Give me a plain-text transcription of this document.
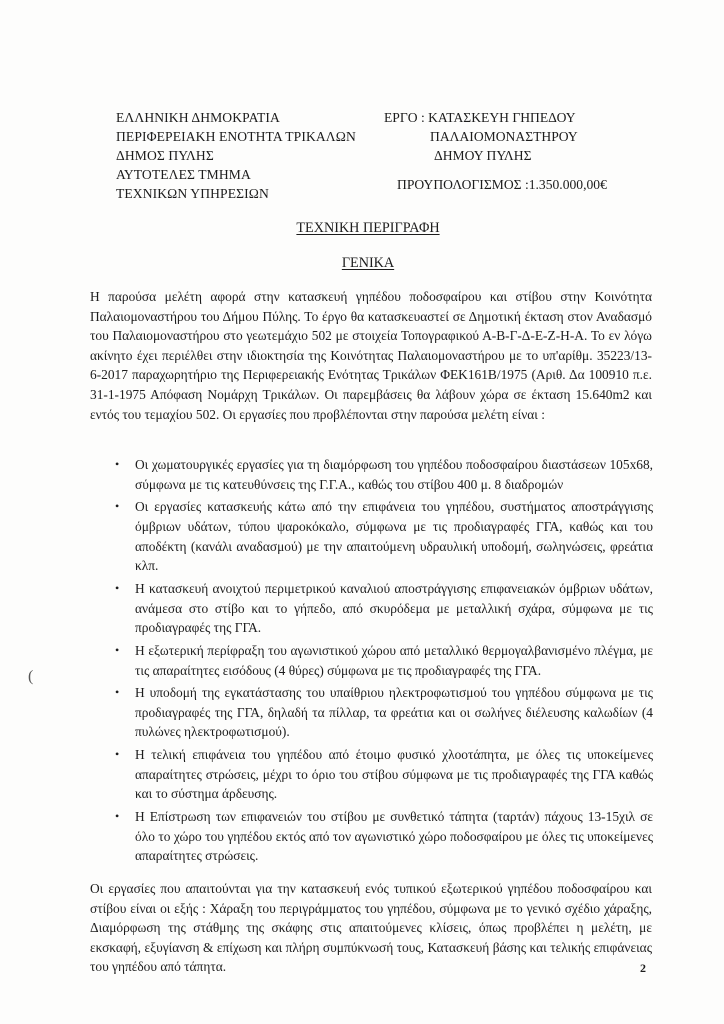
ΕΛΛΗΝΙΚΗ ΔΗΜΟΚΡΑΤΙΑ
ΠΕΡΙΦΕΡΕΙΑΚΗ ΕΝΟΤΗΤΑ ΤΡΙΚΑΛΩΝ
ΔΗΜΟΣ ΠΥΛΗΣ
ΑΥΤΟΤΕΛΕΣ ΤΜΗΜΑ
ΤΕΧΝΙΚΩΝ ΥΠΗΡΕΣΙΩΝ
ΕΡΓΟ : ΚΑΤΑΣΚΕΥΗ ΓΗΠΕΔΟΥ
ΠΑΛΑΙΟΜΟΝΑΣΤΗΡΟΥ
ΔΗΜΟΥ ΠΥΛΗΣ
ΠΡΟΥΠΟΛΟΓΙΣΜΟΣ :1.350.000,00€
ΤΕΧΝΙΚΗ ΠΕΡΙΓΡΑΦΗ
ΓΕΝΙΚΑ
Η παρούσα μελέτη αφορά στην κατασκευή γηπέδου ποδοσφαίρου και στίβου στην Κοινότητα Παλαιομοναστήρου του Δήμου Πύλης. Το έργο θα κατασκευαστεί σε Δημοτική έκταση στον Αναδασμό του Παλαιομοναστήρου στο γεωτεμάχιο 502 με στοιχεία Τοπογραφικού Α-Β-Γ-Δ-Ε-Ζ-Η-Α. Το εν λόγω ακίνητο έχει περιέλθει στην ιδιοκτησία της Κοινότητας Παλαιομοναστήρου με το υπ'αρίθμ. 35223/13-6-2017 παραχωρητήριο της Περιφερειακής Ενότητας Τρικάλων ΦΕΚ161Β/1975 (Αριθ. Δα 100910 π.ε. 31-1-1975 Απόφαση Νομάρχη Τρικάλων. Οι παρεμβάσεις θα λάβουν χώρα σε έκταση 15.640m2 και εντός του τεμαχίου 502. Οι εργασίες που προβλέπονται στην παρούσα μελέτη είναι :
• Οι χωματουργικές εργασίες για τη διαμόρφωση του γηπέδου ποδοσφαίρου διαστάσεων 105x68, σύμφωνα με τις κατευθύνσεις της Γ.Γ.Α., καθώς του στίβου 400 μ. 8 διαδρομών
• Οι εργασίες κατασκευής κάτω από την επιφάνεια του γηπέδου, συστήματος αποστράγγισης όμβριων υδάτων, τύπου ψαροκόκαλο, σύμφωνα με τις προδιαγραφές ΓΓΑ, καθώς και του αποδέκτη (κανάλι αναδασμού) με την απαιτούμενη υδραυλική υποδομή, σωληνώσεις, φρεάτια κλπ.
• Η κατασκευή ανοιχτού περιμετρικού καναλιού αποστράγγισης επιφανειακών όμβριων υδάτων, ανάμεσα στο στίβο και το γήπεδο, από σκυρόδεμα με μεταλλική σχάρα, σύμφωνα με τις προδιαγραφές της ΓΓΑ.
• Η εξωτερική περίφραξη του αγωνιστικού χώρου από μεταλλικό θερμογαλβανισμένο πλέγμα, με τις απαραίτητες εισόδους (4 θύρες) σύμφωνα με τις προδιαγραφές της ΓΓΑ.
• Η υποδομή της εγκατάστασης του υπαίθριου ηλεκτροφωτισμού του γηπέδου σύμφωνα με τις προδιαγραφές της ΓΓΑ, δηλαδή τα πίλλαρ, τα φρεάτια και οι σωλήνες διέλευσης καλωδίων (4 πυλώνες ηλεκτροφωτισμού).
• Η τελική επιφάνεια του γηπέδου από έτοιμο φυσικό χλοοτάπητα, με όλες τις υποκείμενες απαραίτητες στρώσεις, μέχρι το όριο του στίβου σύμφωνα με τις προδιαγραφές της ΓΓΑ καθώς και το σύστημα άρδευσης.
• Η Επίστρωση των επιφανειών του στίβου με συνθετικό τάπητα (ταρτάν) πάχους 13-15χιλ σε όλο το χώρο του γηπέδου εκτός από τον αγωνιστικό χώρο ποδοσφαίρου με όλες τις υποκείμενες απαραίτητες στρώσεις.
Οι εργασίες που απαιτούνται για την κατασκευή ενός τυπικού εξωτερικού γηπέδου ποδοσφαίρου και στίβου είναι οι εξής : Χάραξη του περιγράμματος του γηπέδου, σύμφωνα με το γενικό σχέδιο χάραξης, Διαμόρφωση της στάθμης της σκάφης στις απαιτούμενες κλίσεις, όπως προβλέπει η μελέτη, με εκσκαφή, εξυγίανση & επίχωση και πλήρη συμπύκνωσή τους, Κατασκευή βάσης και τελικής επιφάνειας του γηπέδου από τάπητα.
(
2
